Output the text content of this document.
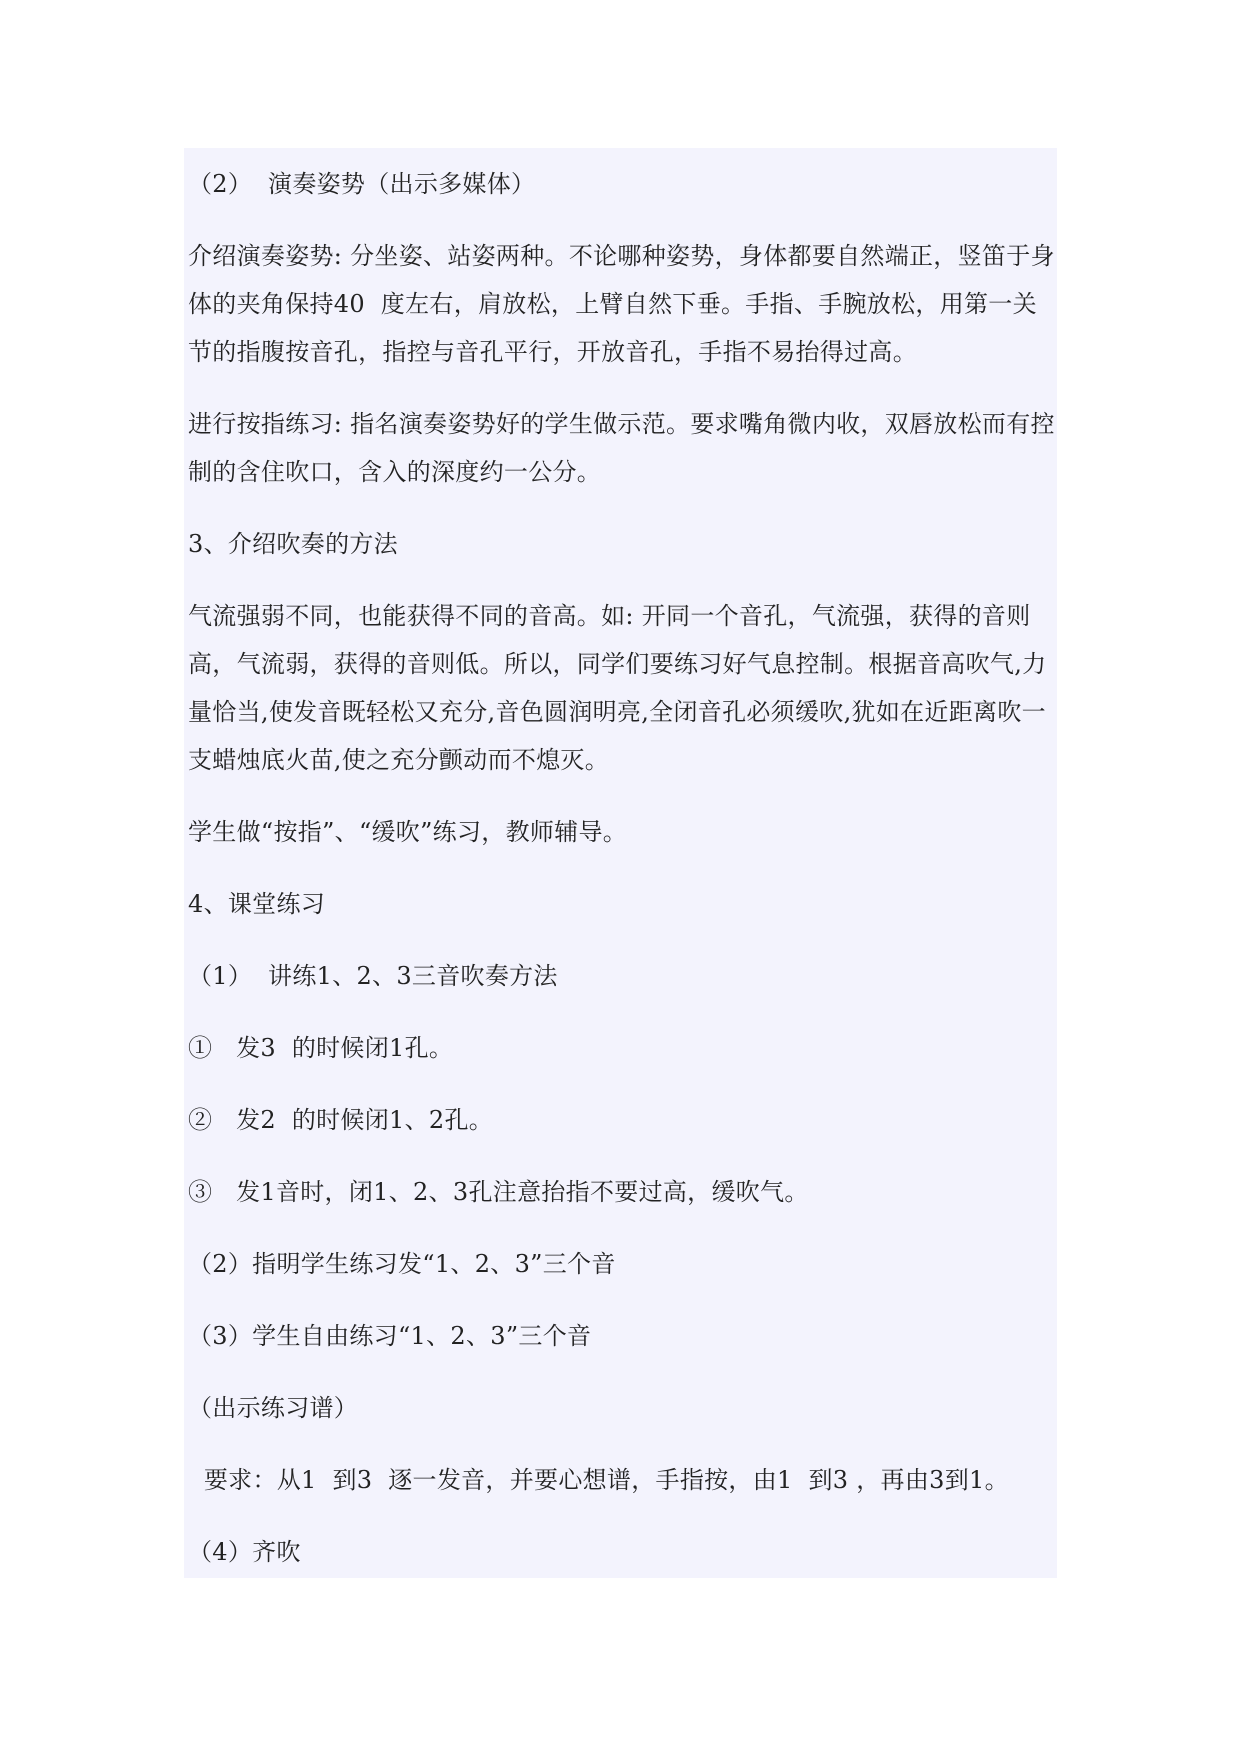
（2）  演奏姿势（出示多媒体）

介绍演奏姿势: 分坐姿、站姿两种。不论哪种姿势，身体都要自然端正，竖笛于身体的夹角保持40  度左右，肩放松，上臂自然下垂。手指、手腕放松，用第一关节的指腹按音孔，指控与音孔平行，开放音孔，手指不易抬得过高。

进行按指练习: 指名演奏姿势好的学生做示范。要求嘴角微内收，双唇放松而有控制的含住吹口，含入的深度约一公分。

3、介绍吹奏的方法

气流强弱不同，也能获得不同的音高。如: 开同一个音孔，气流强，获得的音则高，气流弱，获得的音则低。所以，同学们要练习好气息控制。根据音高吹气,力量恰当,使发音既轻松又充分,音色圆润明亮,全闭音孔必须缓吹,犹如在近距离吹一支蜡烛底火苗,使之充分颤动而不熄灭。

学生做“按指”、“缓吹”练习，教师辅导。

4、课堂练习

（1）  讲练1、2、3三音吹奏方法

①   发3  的时候闭1孔。

②   发2  的时候闭1、2孔。

③   发1音时，闭1、2、3孔注意抬指不要过高，缓吹气。

（2）指明学生练习发“1、2、3”三个音

（3）学生自由练习“1、2、3”三个音

（出示练习谱）

要求：从1  到3  逐一发音，并要心想谱，手指按，由1  到3 ，再由3到1。

（4）齐吹
